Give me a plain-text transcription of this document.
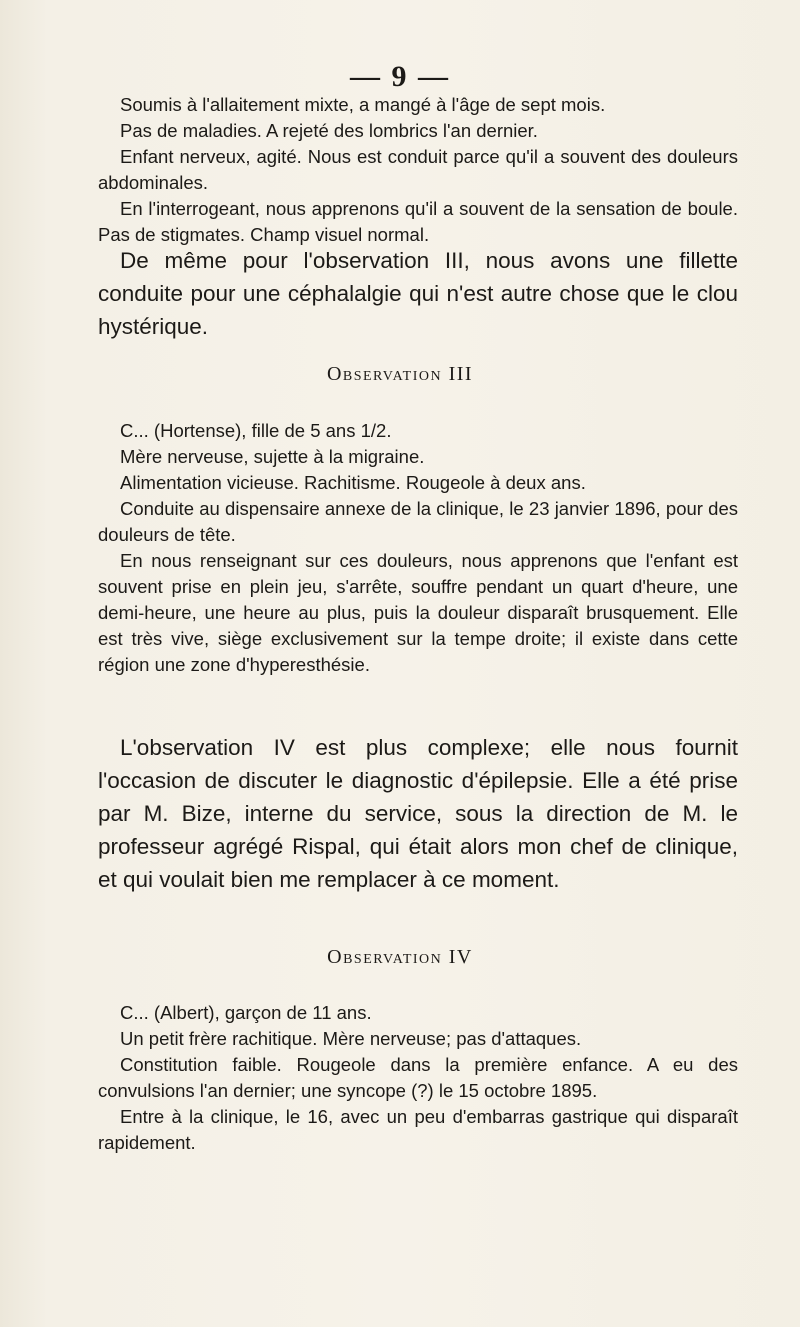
— 9 —

Soumis à l'allaitement mixte, a mangé à l'âge de sept mois.

Pas de maladies. A rejeté des lombrics l'an dernier.

Enfant nerveux, agité. Nous est conduit parce qu'il a souvent des douleurs abdominales.

En l'interrogeant, nous apprenons qu'il a souvent de la sensation de boule. Pas de stigmates. Champ visuel normal.

De même pour l'observation III, nous avons une fillette conduite pour une céphalalgie qui n'est autre chose que le clou hystérique.

Observation III

C... (Hortense), fille de 5 ans 1/2.

Mère nerveuse, sujette à la migraine.

Alimentation vicieuse. Rachitisme. Rougeole à deux ans.

Conduite au dispensaire annexe de la clinique, le 23 janvier 1896, pour des douleurs de tête.

En nous renseignant sur ces douleurs, nous apprenons que l'enfant est souvent prise en plein jeu, s'arrête, souffre pendant un quart d'heure, une demi-heure, une heure au plus, puis la douleur disparaît brusquement. Elle est très vive, siège exclusivement sur la tempe droite; il existe dans cette région une zone d'hyperesthésie.

L'observation IV est plus complexe; elle nous fournit l'occasion de discuter le diagnostic d'épilepsie. Elle a été prise par M. Bize, interne du service, sous la direction de M. le professeur agrégé Rispal, qui était alors mon chef de clinique, et qui voulait bien me remplacer à ce moment.

Observation IV

C... (Albert), garçon de 11 ans.

Un petit frère rachitique. Mère nerveuse; pas d'attaques.

Constitution faible. Rougeole dans la première enfance. A eu des convulsions l'an dernier; une syncope (?) le 15 octobre 1895.

Entre à la clinique, le 16, avec un peu d'embarras gastrique qui disparaît rapidement.
